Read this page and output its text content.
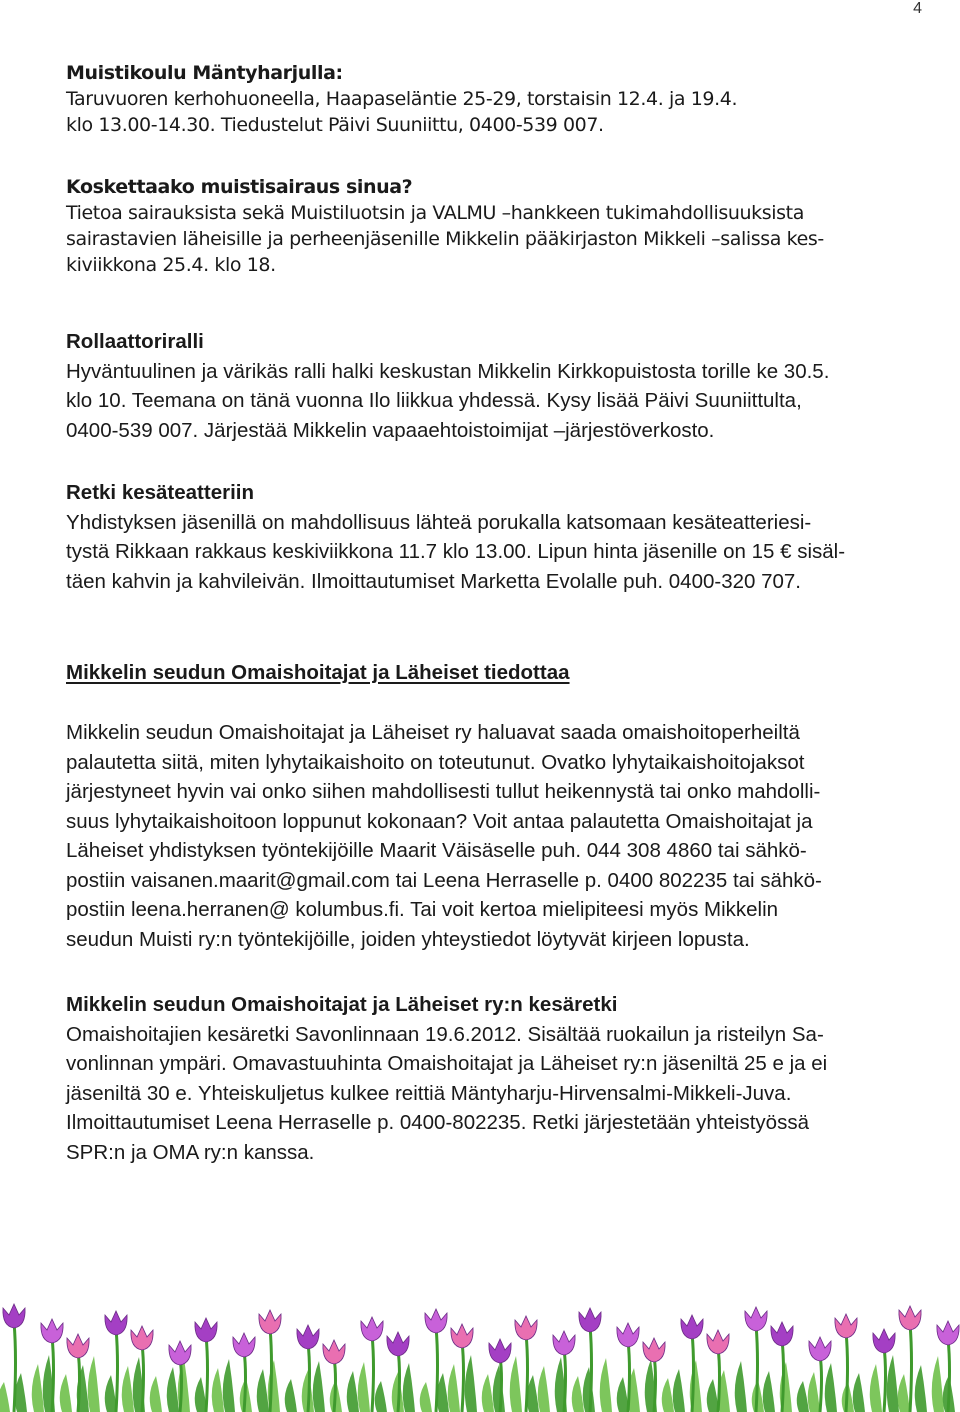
4
Muistikoulu Mäntyharjulla:
Taruvuoren kerhohuoneella, Haapaseläntie 25-29, torstaisin 12.4. ja 19.4.
klo 13.00-14.30. Tiedustelut Päivi Suuniittu, 0400-539 007.
Koskettaako muistisairaus sinua?
Tietoa sairauksista sekä Muistiluotsin ja VALMU –hankkeen tukimahdollisuuksista
sairastavien läheisille ja perheenjäsenille Mikkelin pääkirjaston Mikkeli –salissa kes-
kiviikkona 25.4. klo 18.
Rollaattoriralli
Hyväntuulinen ja värikäs ralli halki keskustan Mikkelin Kirkkopuistosta torille ke 30.5.
klo 10. Teemana on tänä vuonna Ilo liikkua yhdessä. Kysy lisää Päivi Suuniittulta,
0400-539 007. Järjestää Mikkelin vapaaehtoistoimijat –järjestöverkosto.
Retki kesäteatteriin
Yhdistyksen jäsenillä on mahdollisuus lähteä porukalla katsomaan kesäteatteriesi-
tystä Rikkaan rakkaus keskiviikkona 11.7 klo 13.00. Lipun hinta jäsenille on 15 € sisäl-
täen kahvin ja kahvileivän. Ilmoittautumiset Marketta Evolalle puh. 0400-320 707.
Mikkelin seudun Omaishoitajat ja Läheiset tiedottaa
Mikkelin seudun Omaishoitajat ja Läheiset ry haluavat saada omaishoitoperheiltä
palautetta siitä, miten lyhytaikaishoito on toteutunut. Ovatko lyhytaikaishoitojaksot
järjestyneet hyvin vai onko siihen mahdollisesti tullut heikennystä tai onko mahdolli-
suus lyhytaikaishoitoon loppunut kokonaan? Voit antaa palautetta Omaishoitajat ja
Läheiset yhdistyksen työntekijöille Maarit Väisäselle puh. 044 308 4860 tai sähkö-
postiin vaisanen.maarit@gmail.com tai Leena Herraselle p. 0400 802235 tai sähkö-
postiin leena.herranen@ kolumbus.fi. Tai voit kertoa mielipiteesi myös Mikkelin
seudun Muisti ry:n työntekijöille, joiden yhteystiedot löytyvät kirjeen lopusta.
Mikkelin seudun Omaishoitajat ja Läheiset ry:n kesäretki
Omaishoitajien kesäretki Savonlinnaan 19.6.2012. Sisältää ruokailun ja risteilyn Sa-
vonlinnan ympäri. Omavastuuhinta Omaishoitajat ja Läheiset ry:n jäseniltä 25 e ja ei
jäseniltä 30 e. Yhteiskuljetus kulkee reittiä Mäntyharju-Hirvensalmi-Mikkeli-Juva.
Ilmoittautumiset Leena Herraselle p. 0400-802235. Retki järjestetään yhteistyössä
SPR:n ja OMA ry:n kanssa.
